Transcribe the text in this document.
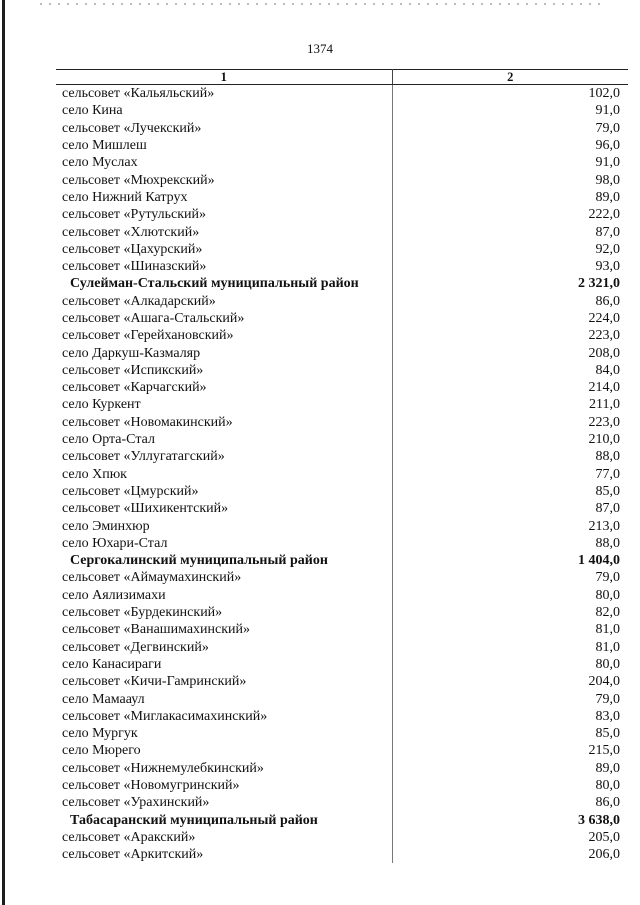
1374
1	2
сельсовет «Кальяльский»	102,0
село Кина	91,0
сельсовет «Лучекский»	79,0
село Мишлеш	96,0
село Муслах	91,0
сельсовет «Мюхрекский»	98,0
село Нижний Катрух	89,0
сельсовет «Рутульский»	222,0
сельсовет «Хлютский»	87,0
сельсовет «Цахурский»	92,0
сельсовет «Шиназский»	93,0
Сулейман-Стальский муниципальный район	2 321,0
сельсовет «Алкадарский»	86,0
сельсовет «Ашага-Стальский»	224,0
сельсовет «Герейхановский»	223,0
село Даркуш-Казмаляр	208,0
сельсовет «Испикский»	84,0
сельсовет «Карчагский»	214,0
село Куркент	211,0
сельсовет «Новомакинский»	223,0
село Орта-Стал	210,0
сельсовет «Уллугатагский»	88,0
село Хпюк	77,0
сельсовет «Цмурский»	85,0
сельсовет «Шихикентский»	87,0
село Эминхюр	213,0
село Юхари-Стал	88,0
Сергокалинский муниципальный район	1 404,0
сельсовет «Аймаумахинский»	79,0
село Аялизимахи	80,0
сельсовет «Бурдекинский»	82,0
сельсовет «Ванашимахинский»	81,0
сельсовет «Дегвинский»	81,0
село Канасираги	80,0
сельсовет «Кичи-Гамринский»	204,0
село Мамааул	79,0
сельсовет «Миглакасимахинский»	83,0
село Мургук	85,0
село Мюрего	215,0
сельсовет «Нижнемулебкинский»	89,0
сельсовет «Новомугринский»	80,0
сельсовет «Урахинский»	86,0
Табасаранский муниципальный район	3 638,0
сельсовет «Аракский»	205,0
сельсовет «Аркитский»	206,0
